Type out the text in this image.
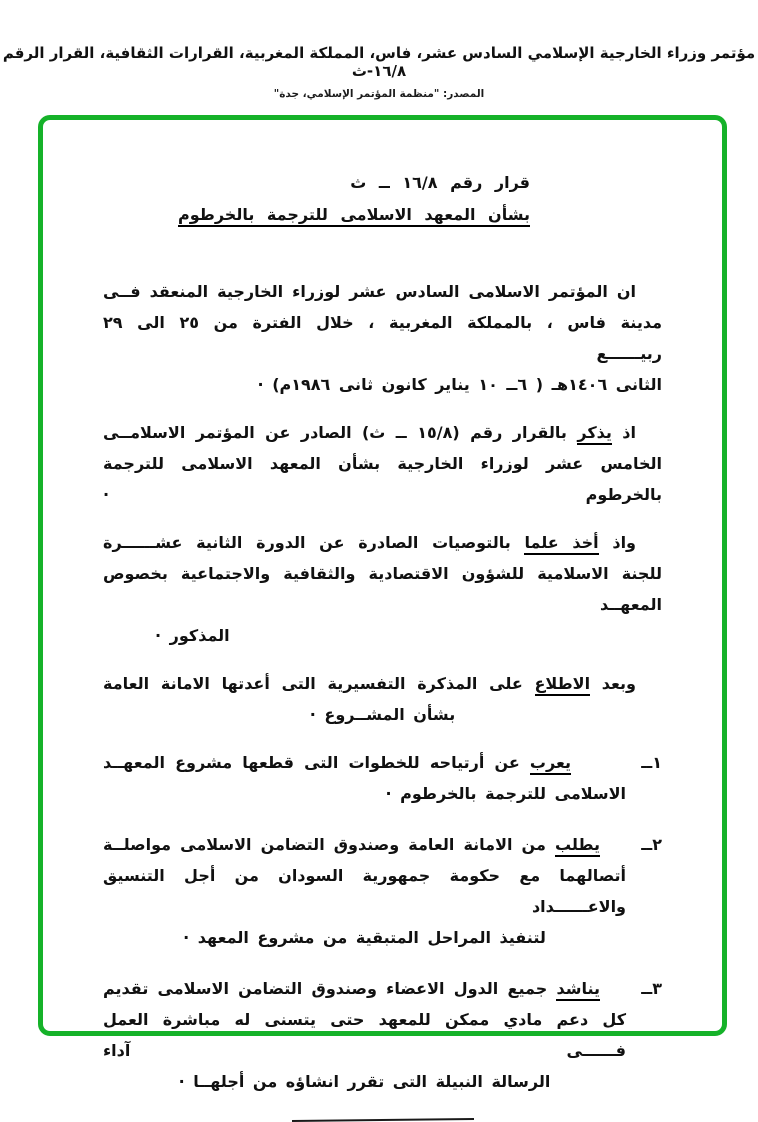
مؤتمر وزراء الخارجية الإسلامي السادس عشر، فاس، المملكة المغربية، القرارات الثقافية، القرار الرقم ١٦/٨-ث
المصدر: "منظمة المؤتمر الإسلامي، جدة"
قرار رقم ١٦/٨ ــ ث
بشأن المعهد الاسلامى للترجمة بالخرطوم
ان المؤتمر الاسلامى السادس عشر لوزراء الخارجية المنعقد فــى
مدينة فاس ، بالمملكة المغربية ، خلال الفترة من ٢٥ الى ٢٩ ربيــــــع
الثانى ١٤٠٦هـ ( ٦ــ ١٠ يناير كانون ثانى ١٩٨٦م) ·
اذ يذكر بالقرار رقم (١٥/٨ ــ ث) الصادر عن المؤتمر الاسلامــى
الخامس عشر لوزراء الخارجية بشأن المعهد الاسلامى للترجمة بالخرطوم ·
واذ أخذ علما بالتوصيات الصادرة عن الدورة الثانية عشــــــرة
للجنة الاسلامية للشؤون الاقتصادية والثقافية والاجتماعية بخصوص المعهــد
المذكور ·
وبعد الاطلاع على المذكرة التفسيرية التى أعدتها الامانة العامة
بشأن المشــروع ·
١ــ
يعرب عن أرتياحه للخطوات التى قطعها مشروع المعهــد
الاسلامى للترجمة بالخرطوم ·
٢ــ
يطلب من الامانة العامة وصندوق التضامن الاسلامى مواصلــة
أتصالهما مع حكومة جمهورية السودان من أجل التنسيق والاعــــــداد
لتنفيذ المراحل المتبقية من مشروع المعهد ·
٣ــ
يناشد جميع الدول الاعضاء وصندوق التضامن الاسلامى تقديم
كل دعم مادي ممكن للمعهد حتى يتسنى له مباشرة العمل فــــــى آداء
الرسالة النبيلة التى تقرر انشاؤه من أجلهــا ·
